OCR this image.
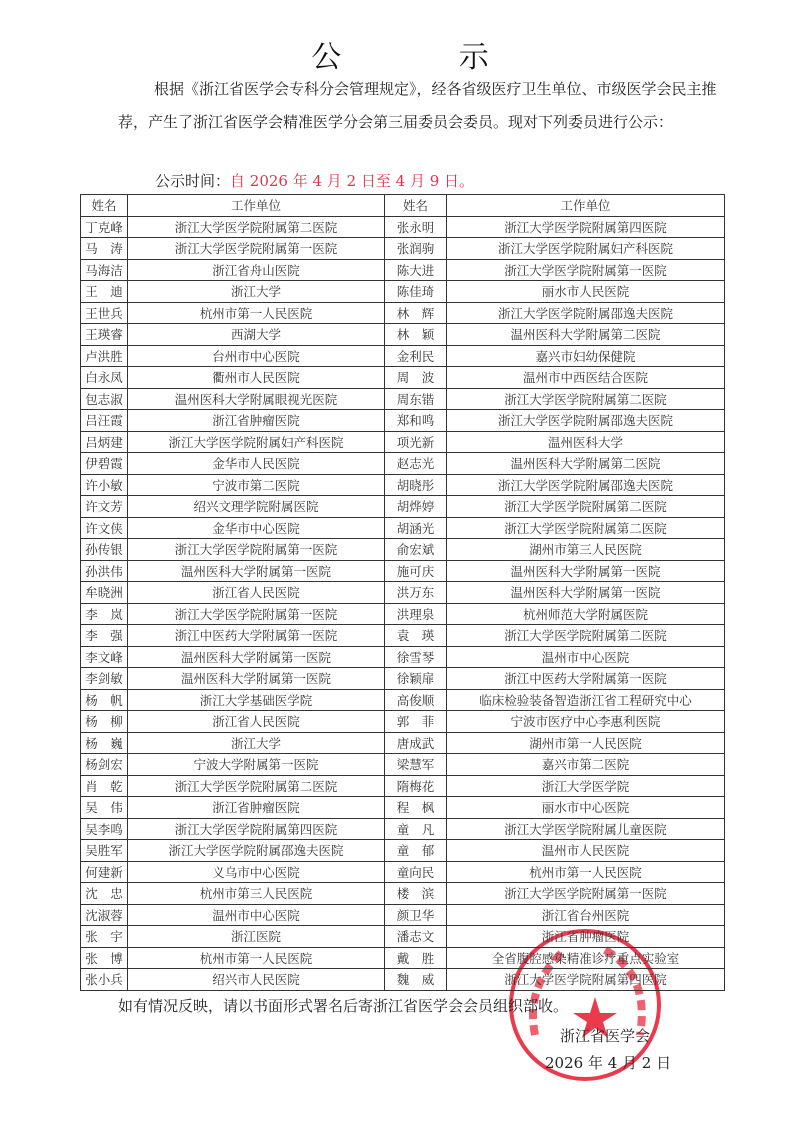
公 示
根据《浙江省医学会专科分会管理规定》，经各省级医疗卫生单位、市级医学会民主推荐，产生了浙江省医学会精准医学分会第三届委员会委员。现对下列委员进行公示：
公示时间：自 2026 年 4 月 2 日至 4 月 9 日。
姓名	工作单位	姓名	工作单位
丁克峰	浙江大学医学院附属第二医院	张永明	浙江大学医学院附属第四医院
马　涛	浙江大学医学院附属第一医院	张润驹	浙江大学医学院附属妇产科医院
马海洁	浙江省舟山医院	陈大进	浙江大学医学院附属第一医院
王　迪	浙江大学	陈佳琦	丽水市人民医院
王世兵	杭州市第一人民医院	林　辉	浙江大学医学院附属邵逸夫医院
王瑛睿	西湖大学	林　颖	温州医科大学附属第二医院
卢洪胜	台州市中心医院	金利民	嘉兴市妇幼保健院
白永凤	衢州市人民医院	周　波	温州市中西医结合医院
包志淑	温州医科大学附属眼视光医院	周东锴	浙江大学医学院附属第二医院
吕汪霞	浙江省肿瘤医院	郑和鸣	浙江大学医学院附属邵逸夫医院
吕炳建	浙江大学医学院附属妇产科医院	项光新	温州医科大学
伊碧霞	金华市人民医院	赵志光	温州医科大学附属第二医院
许小敏	宁波市第二医院	胡晓彤	浙江大学医学院附属邵逸夫医院
许文芳	绍兴文理学院附属医院	胡烨婷	浙江大学医学院附属第二医院
许文侠	金华市中心医院	胡涵光	浙江大学医学院附属第二医院
孙传银	浙江大学医学院附属第一医院	俞宏斌	湖州市第三人民医院
孙洪伟	温州医科大学附属第一医院	施可庆	温州医科大学附属第一医院
牟晓洲	浙江省人民医院	洪万东	温州医科大学附属第一医院
李　岚	浙江大学医学院附属第一医院	洪理泉	杭州师范大学附属医院
李　强	浙江中医药大学附属第一医院	袁　瑛	浙江大学医学院附属第二医院
李文峰	温州医科大学附属第一医院	徐雪琴	温州市中心医院
李剑敏	温州医科大学附属第一医院	徐颖扉	浙江中医药大学附属第一医院
杨　帆	浙江大学基础医学院	高俊顺	临床检验装备智造浙江省工程研究中心
杨　柳	浙江省人民医院	郭　菲	宁波市医疗中心李惠利医院
杨　巍	浙江大学	唐成武	湖州市第一人民医院
杨剑宏	宁波大学附属第一医院	梁慧军	嘉兴市第二医院
肖　乾	浙江大学医学院附属第二医院	隋梅花	浙江大学医学院
吴　伟	浙江省肿瘤医院	程　枫	丽水市中心医院
吴李鸣	浙江大学医学院附属第四医院	童　凡	浙江大学医学院附属儿童医院
吴胜军	浙江大学医学院附属邵逸夫医院	童　郁	温州市人民医院
何建新	义乌市中心医院	童向民	杭州市第一人民医院
沈　忠	杭州市第三人民医院	楼　滨	浙江大学医学院附属第一医院
沈淑蓉	温州市中心医院	颜卫华	浙江省台州医院
张　宇	浙江医院	潘志文	浙江省肿瘤医院
张　博	杭州市第一人民医院	戴　胜	全省腹腔感染精准诊疗重点实验室
张小兵	绍兴市人民医院	魏　威	浙江大学医学院附属第四医院
如有情况反映，请以书面形式署名后寄浙江省医学会会员组织部收。
浙江省医学会
2026 年 4 月 2 日
